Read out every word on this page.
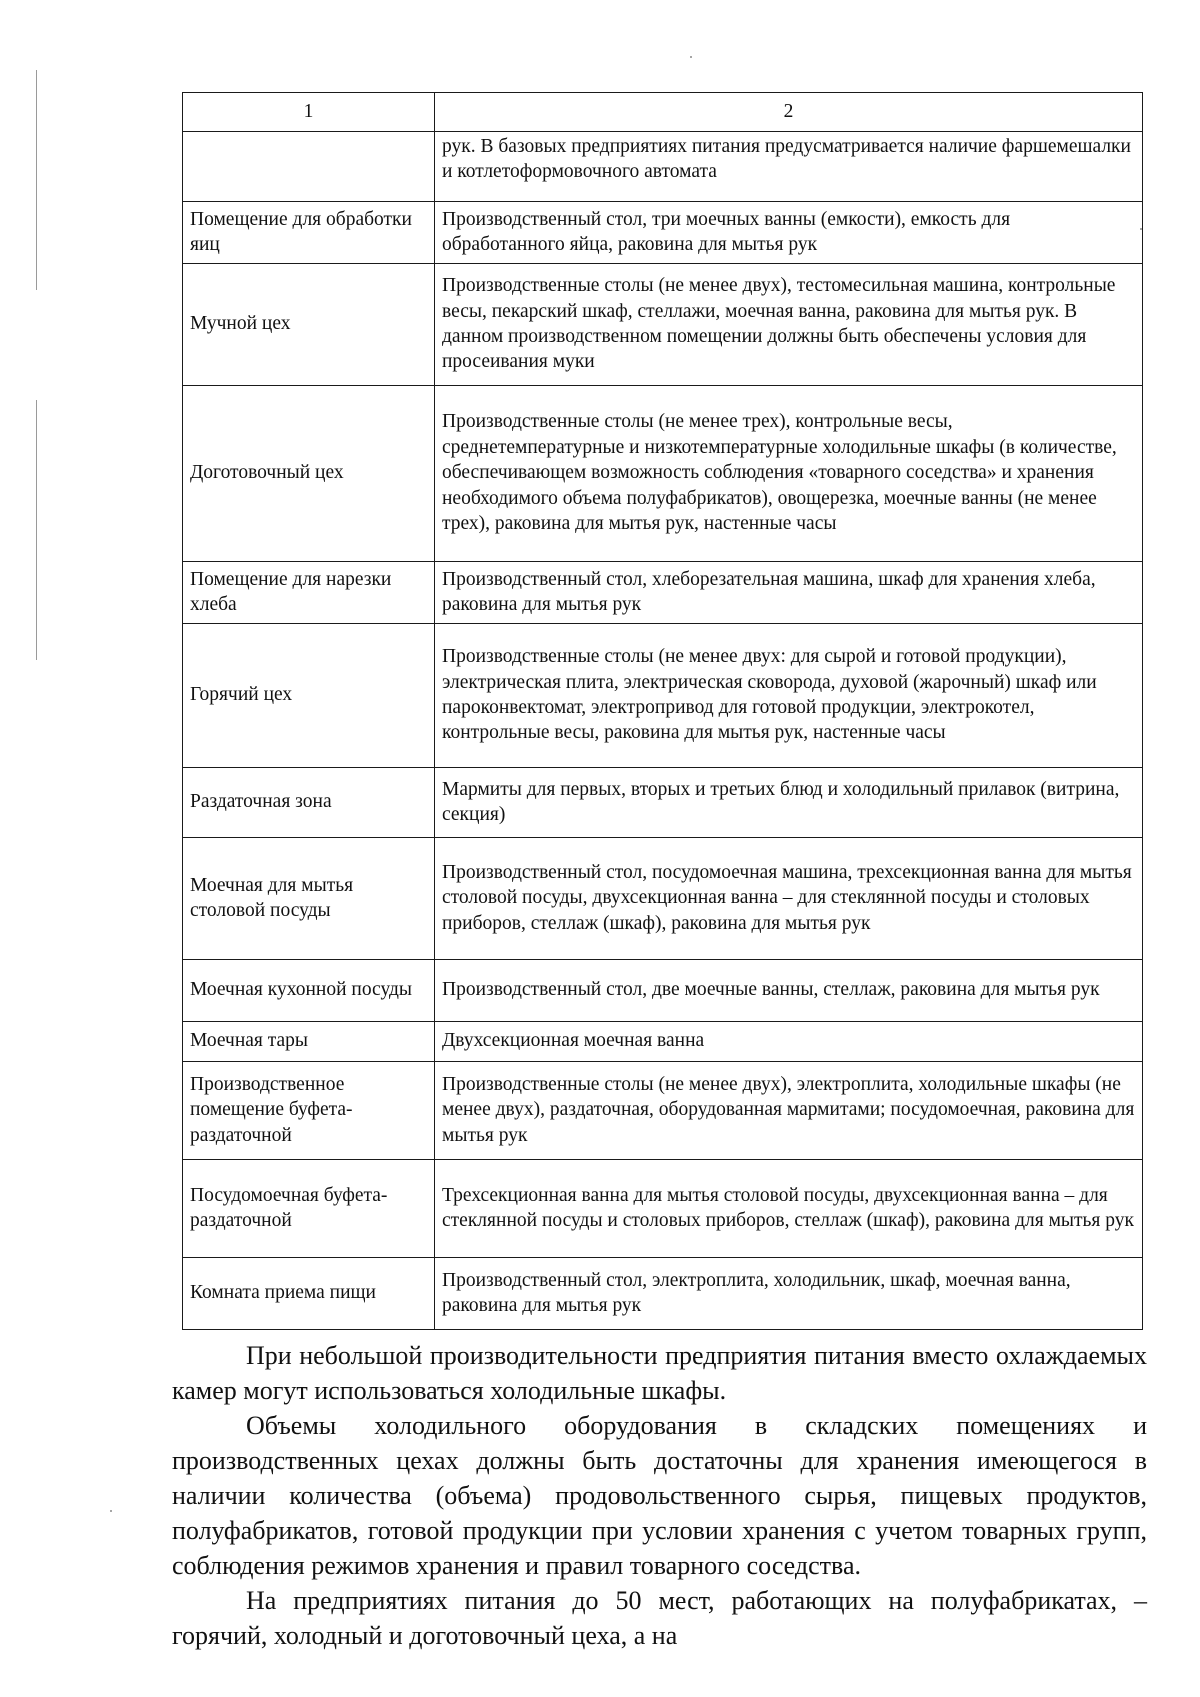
1	2
	рук. В базовых предприятиях питания предусматривается наличие фаршемешалки и котлетоформовочного автомата
Помещение для обработки яиц	Производственный стол, три моечных ванны (емкости), емкость для обработанного яйца, раковина для мытья рук
Мучной цех	Производственные столы (не менее двух), тестомесильная машина, контрольные весы, пекарский шкаф, стеллажи, моечная ванна, раковина для мытья рук. В данном производственном помещении должны быть обеспечены условия для просеивания муки
Доготовочный цех	Производственные столы (не менее трех), контрольные весы, среднетемпературные и низкотемпературные холодильные шкафы (в количестве, обеспечивающем возможность соблюдения «товарного соседства» и хранения необходимого объема полуфабрикатов), овощерезка, моечные ванны (не менее трех), раковина для мытья рук, настенные часы
Помещение для нарезки хлеба	Производственный стол, хлеборезательная машина, шкаф для хранения хлеба, раковина для мытья рук
Горячий цех	Производственные столы (не менее двух: для сырой и готовой продукции), электрическая плита, электрическая сковорода, духовой (жарочный) шкаф или пароконвектомат, электропривод для готовой продукции, электрокотел, контрольные весы, раковина для мытья рук, настенные часы
Раздаточная зона	Мармиты для первых, вторых и третьих блюд и холодильный прилавок (витрина, секция)
Моечная для мытья столовой посуды	Производственный стол, посудомоечная машина, трехсекционная ванна для мытья столовой посуды, двухсекционная ванна – для стеклянной посуды и столовых приборов, стеллаж (шкаф), раковина для мытья рук
Моечная кухонной посуды	Производственный стол, две моечные ванны, стеллаж, раковина для мытья рук
Моечная тары	Двухсекционная моечная ванна
Производственное помещение буфета-раздаточной	Производственные столы (не менее двух), электроплита, холодильные шкафы (не менее двух), раздаточная, оборудованная мармитами; посудомоечная, раковина для мытья рук
Посудомоечная буфета-раздаточной	Трехсекционная ванна для мытья столовой посуды, двухсекционная ванна – для стеклянной посуды и столовых приборов, стеллаж (шкаф), раковина для мытья рук
Комната приема пищи	Производственный стол, электроплита, холодильник, шкаф, моечная ванна, раковина для мытья рук

При небольшой производительности предприятия питания вместо охлаждаемых камер могут использоваться холодильные шкафы.

Объемы холодильного оборудования в складских помещениях и производственных цехах должны быть достаточны для хранения имеющегося в наличии количества (объема) продовольственного сырья, пищевых продуктов, полуфабрикатов, готовой продукции при условии хранения с учетом товарных групп, соблюдения режимов хранения и правил товарного соседства.

На предприятиях питания до 50 мест, работающих на полуфабрикатах, – горячий, холодный и доготовочный цеха, а на
